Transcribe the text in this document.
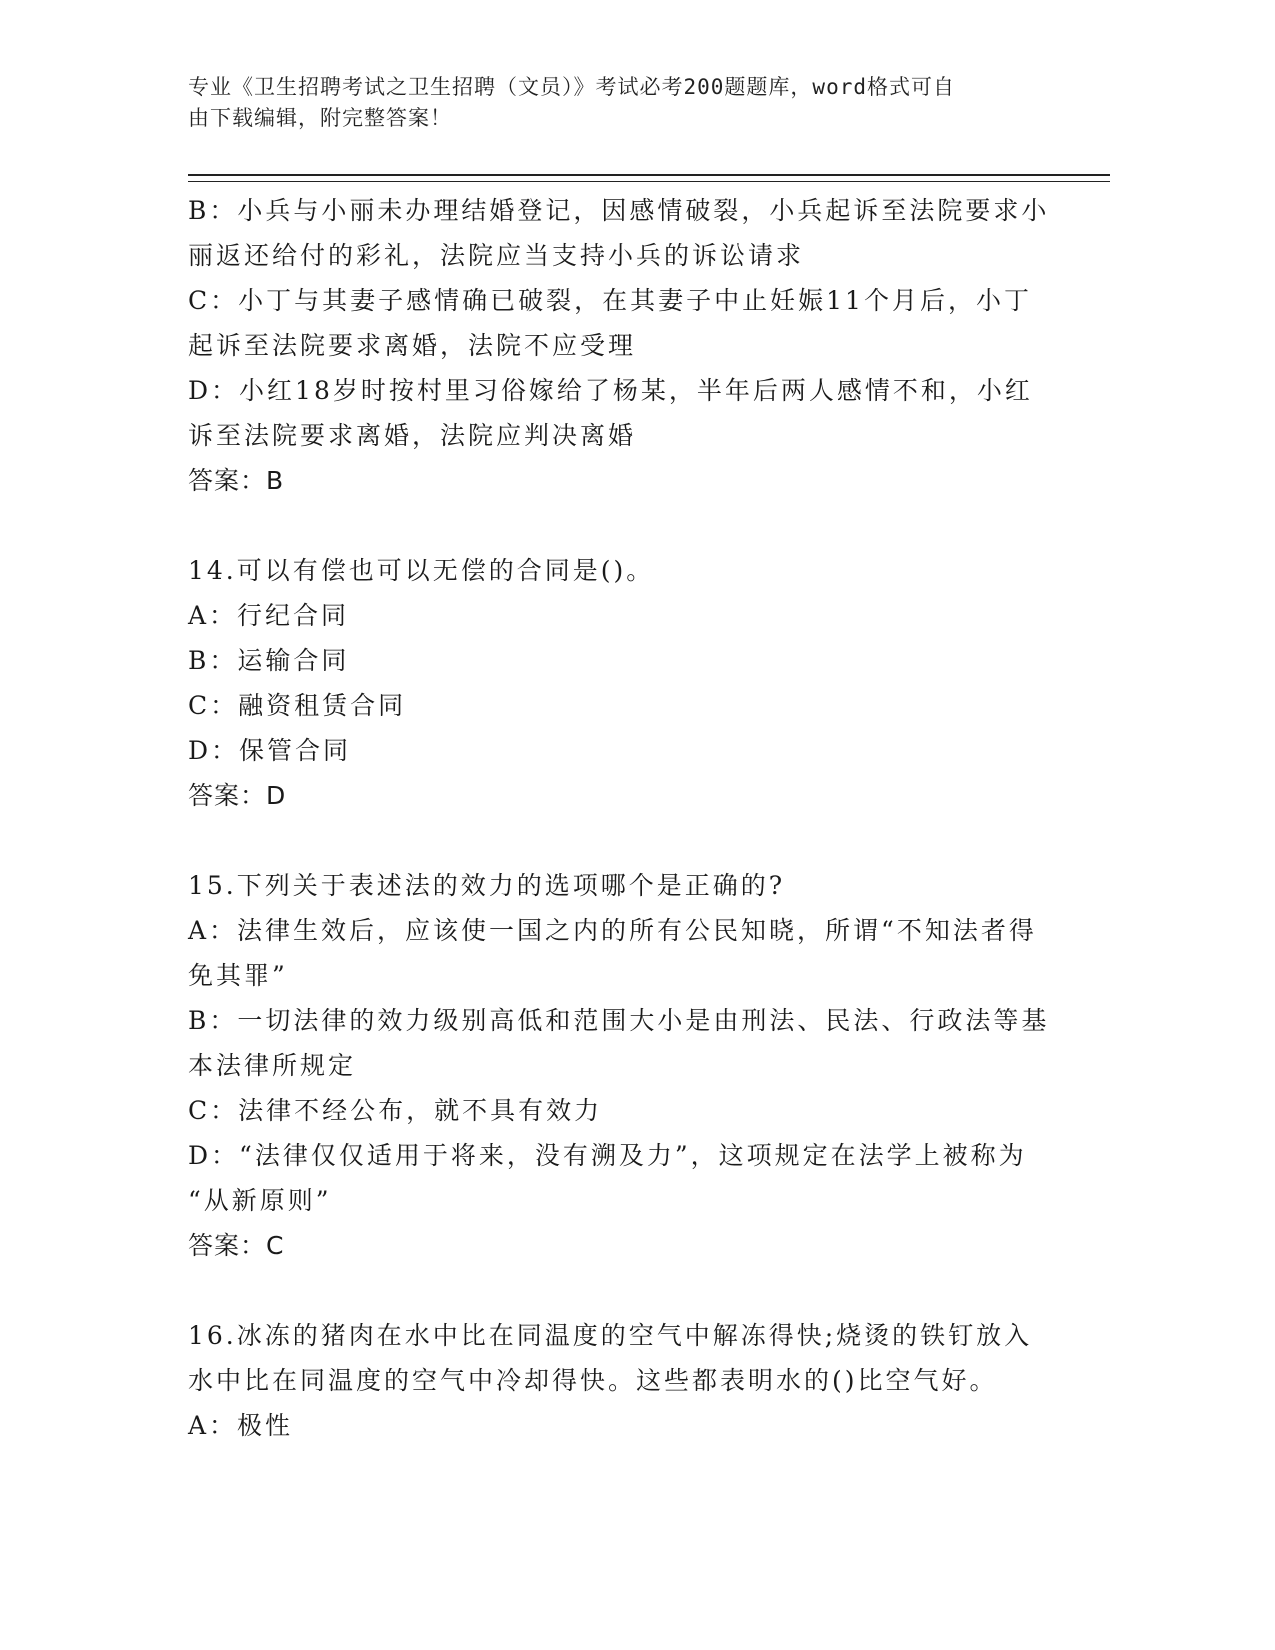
专业《卫生招聘考试之卫生招聘（文员）》考试必考200题题库，word格式可自
由下载编辑，附完整答案！
B：小兵与小丽未办理结婚登记，因感情破裂，小兵起诉至法院要求小
丽返还给付的彩礼，法院应当支持小兵的诉讼请求
C：小丁与其妻子感情确已破裂，在其妻子中止妊娠11个月后，小丁
起诉至法院要求离婚，法院不应受理
D：小红18岁时按村里习俗嫁给了杨某，半年后两人感情不和，小红
诉至法院要求离婚，法院应判决离婚
答案：B
14.可以有偿也可以无偿的合同是()。
A：行纪合同
B：运输合同
C：融资租赁合同
D：保管合同
答案：D
15.下列关于表述法的效力的选项哪个是正确的?
A：法律生效后，应该使一国之内的所有公民知晓，所谓“不知法者得
免其罪”
B：一切法律的效力级别高低和范围大小是由刑法、民法、行政法等基
本法律所规定
C：法律不经公布，就不具有效力
D：“法律仅仅适用于将来，没有溯及力”，这项规定在法学上被称为
“从新原则”
答案：C
16.冰冻的猪肉在水中比在同温度的空气中解冻得快;烧烫的铁钉放入
水中比在同温度的空气中冷却得快。这些都表明水的()比空气好。
A：极性
